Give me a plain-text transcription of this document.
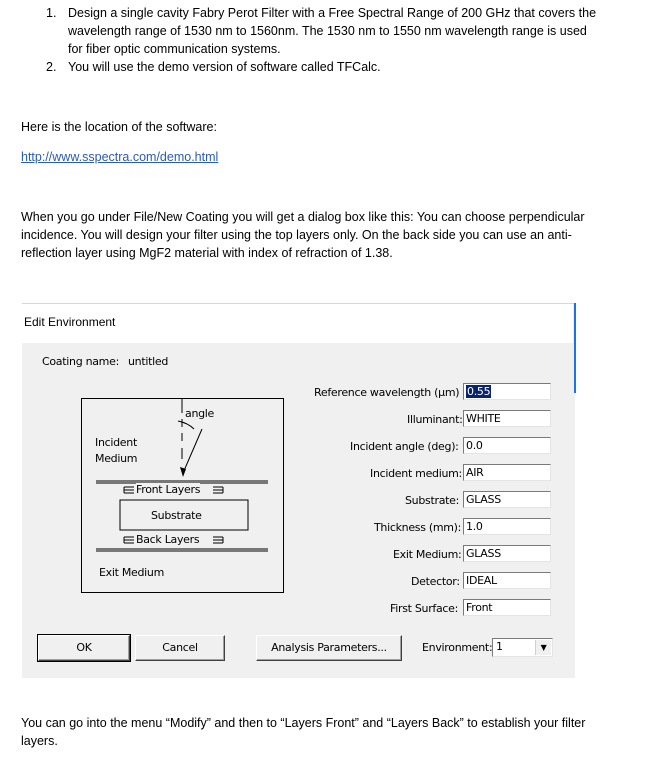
1. Design a single cavity Fabry Perot Filter with a Free Spectral Range of 200 GHz that covers the
wavelength range of 1530 nm to 1560nm. The 1530 nm to 1550 nm wavelength range is used
for fiber optic communication systems.
2. You will use the demo version of software called TFCalc.
Here is the location of the software:
http://www.sspectra.com/demo.html
When you go under File/New Coating you will get a dialog box like this: You can choose perpendicular
incidence. You will design your filter using the top layers only. On the back side you can use an anti-
reflection layer using MgF2 material with index of refraction of 1.38.
Edit Environment
Coating name: untitled
angle
Incident
Medium
Front Layers
Substrate
Back Layers
Exit Medium
Reference wavelength (µm) 0.55
Illuminant: WHITE
Incident angle (deg): 0.0
Incident medium: AIR
Substrate: GLASS
Thickness (mm): 1.0
Exit Medium: GLASS
Detector: IDEAL
First Surface: Front
OK	Cancel	Analysis Parameters...	Environment: 1	▼
You can go into the menu “Modify” and then to “Layers Front” and “Layers Back” to establish your filter
layers.
